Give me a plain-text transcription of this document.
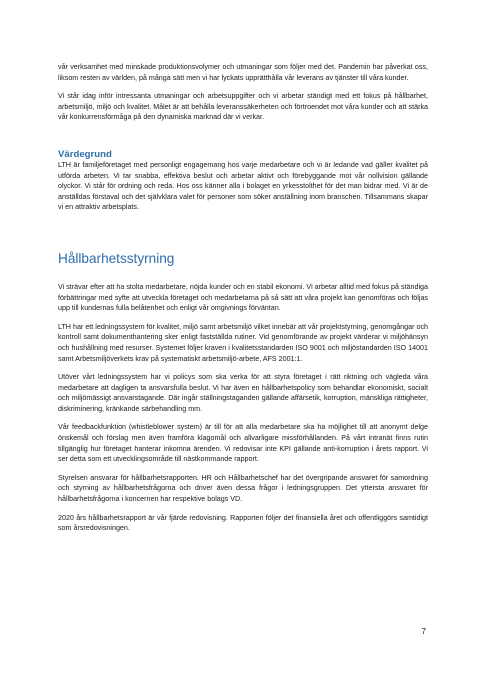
vår verksamhet med minskade produktionsvolymer och utmaningar som följer med det. Pandemin har påverkat oss, liksom resten av världen, på många sätt men vi har lyckats upprätthålla vår leverans av tjänster till våra kunder.

Vi står idag inför intressanta utmaningar och arbetsuppgifter och vi arbetar ständigt med ett fokus på hållbarhet, arbetsmiljö, miljö och kvalitet. Målet är att behålla leveranssäkerheten och förtroendet mot våra kunder och att stärka vår konkurrensförmåga på den dynamiska marknad där vi verkar.

Värdegrund

LTH är familjeföretaget med personligt engagemang hos varje medarbetare och vi är ledande vad gäller kvalitet på utförda arbeten. Vi tar snabba, effektiva beslut och arbetar aktivt och förebyggande mot vår nollvision gällande olyckor. Vi står för ordning och reda. Hos oss känner alla i bolaget en yrkesstolthet för det man bidrar med. Vi är de anställdas förstaval och det självklara valet för personer som söker anställning inom branschen. Tillsammans skapar vi en attraktiv arbetsplats.

Hållbarhetsstyrning

Vi strävar efter att ha stolta medarbetare, nöjda kunder och en stabil ekonomi. Vi arbetar alltid med fokus på ständiga förbättringar med syfte att utveckla företaget och medarbetarna på så sätt att våra projekt kan genomföras och följas upp till kundernas fulla belåtenhet och enligt vår omgivnings förväntan.

LTH har ett ledningssystem för kvalitet, miljö samt arbetsmiljö vilket innebär att vår projektstyrning, genomgångar och kontroll samt dokumenthantering sker enligt fastställda rutiner. Vid genomförande av projekt värderar vi miljöhänsyn och hushållning med resurser. Systemet följer kraven i kvalitetsstandarden ISO 9001 och miljöstandarden ISO 14001 samt Arbetsmiljöverkets krav på systematiskt arbetsmiljö-arbete, AFS 2001:1.

Utöver vårt ledningssystem har vi policys som ska verka för att styra företaget i rätt riktning och vägleda våra medarbetare att dagligen ta ansvarsfulla beslut. Vi har även en hållbarhetspolicy som behandlar ekonomiskt, socialt och miljömässigt ansvarstagande. Där ingår ställningstaganden gällande affärsetik, korruption, mänskliga rättigheter, diskriminering, kränkande särbehandling mm.

Vår feedbackfunktion (whistleblower system) är till för att alla medarbetare ska ha möjlighet till att anonymt delge önskemål och förslag men även framföra klagomål och allvarligare missförhållanden. På vårt intranät finns rutin tillgänglig hur företaget hanterar inkomna ärenden. Vi redovisar inte KPI gällande anti-korruption i årets rapport. Vi ser detta som ett utvecklingsområde till nästkommande rapport.

Styrelsen ansvarar för hållbarhetsrapporten. HR och Hållbarhetschef har det övergripande ansvaret för samordning och styrning av hållbarhetsfrågorna och driver även dessa frågor i ledningsgruppen. Det yttersta ansvaret för hållbarhetsfrågorna i koncernen har respektive bolags VD.

2020 års hållbarhetsrapport är vår fjärde redovisning. Rapporten följer det finansiella året och offentliggörs samtidigt som årsredovisningen.

7
